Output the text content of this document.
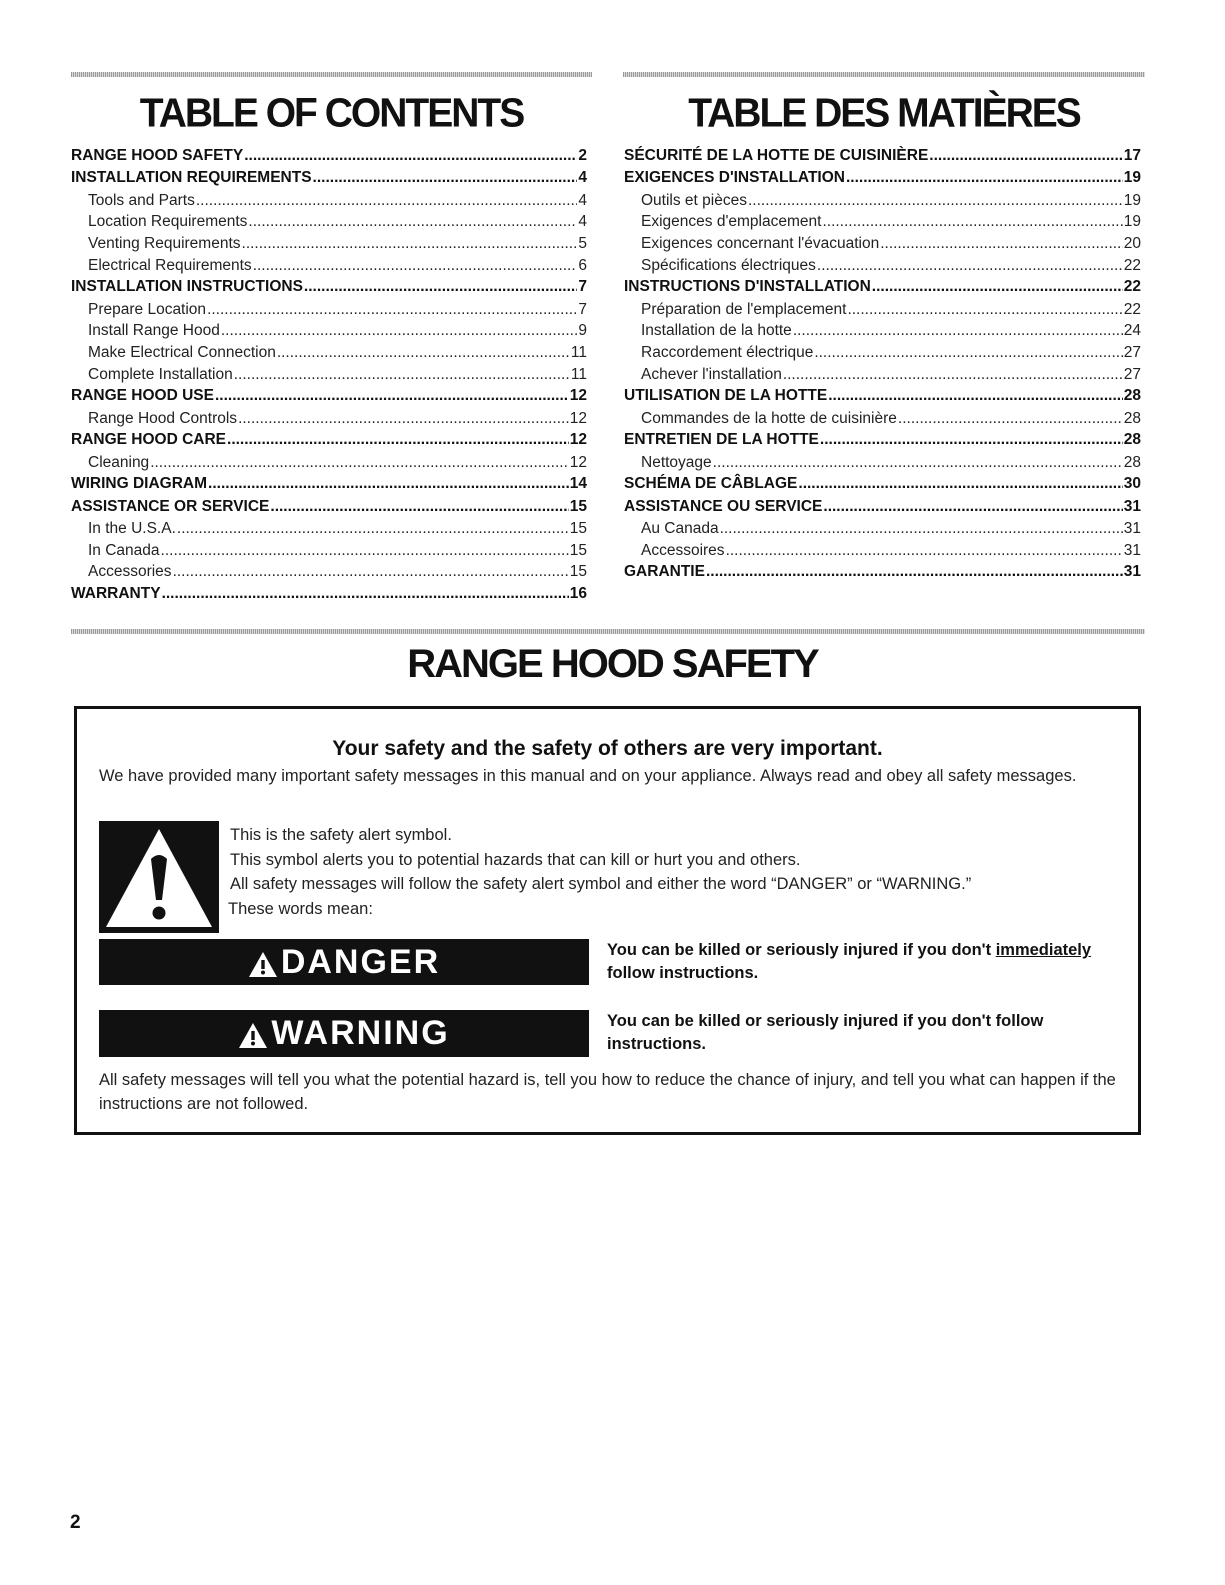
TABLE OF CONTENTS	TABLE DES MATIÈRES
RANGE HOOD SAFETY .....	2
INSTALLATION REQUIREMENTS .....	4
Tools and Parts .....	4
Location Requirements .....	4
Venting Requirements .....	5
Electrical Requirements .....	6
INSTALLATION INSTRUCTIONS .....	7
Prepare Location .....	7
Install Range Hood .....	9
Make Electrical Connection .....	11
Complete Installation .....	11
RANGE HOOD USE .....	12
Range Hood Controls .....	12
RANGE HOOD CARE .....	12
Cleaning .....	12
WIRING DIAGRAM .....	14
ASSISTANCE OR SERVICE .....	15
In the U.S.A. .....	15
In Canada .....	15
Accessories .....	15
WARRANTY .....	16
SÉCURITÉ DE LA HOTTE DE CUISINIÈRE .....	17
EXIGENCES D'INSTALLATION .....	19
Outils et pièces .....	19
Exigences d'emplacement .....	19
Exigences concernant l'évacuation .....	20
Spécifications électriques .....	22
INSTRUCTIONS D'INSTALLATION .....	22
Préparation de l'emplacement .....	22
Installation de la hotte .....	24
Raccordement électrique .....	27
Achever l'installation .....	27
UTILISATION DE LA HOTTE .....	28
Commandes de la hotte de cuisinière .....	28
ENTRETIEN DE LA HOTTE .....	28
Nettoyage .....	28
SCHÉMA DE CÂBLAGE .....	30
ASSISTANCE OU SERVICE .....	31
Au Canada .....	31
Accessoires .....	31
GARANTIE .....	31
RANGE HOOD SAFETY
Your safety and the safety of others are very important.
We have provided many important safety messages in this manual and on your appliance. Always read and obey all safety messages.
This is the safety alert symbol.
This symbol alerts you to potential hazards that can kill or hurt you and others.
All safety messages will follow the safety alert symbol and either the word “DANGER” or “WARNING.”
These words mean:
DANGER	You can be killed or seriously injured if you don't immediately
follow instructions.
WARNING	You can be killed or seriously injured if you don't follow instructions.
All safety messages will tell you what the potential hazard is, tell you how to reduce the chance of injury, and tell you what can happen if the instructions are not followed.
2
